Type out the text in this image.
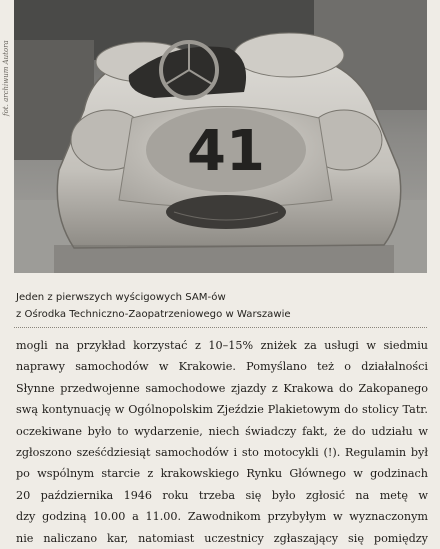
41
fot. archiwum Autora
Jeden z pierwszych wyścigowych SAM-ów
z Ośrodka Techniczno-Zaopatrzeniowego w Warszawie
mogli na przykład korzystać z 10–15% zniżek za usługi w siedmiu
naprawy samochodów w Krakowie. Pomyślano też o działalności
Słynne przedwojenne samochodowe zjazdy z Krakowa do Zakopanego
swą kontynuację w Ogólnopolskim Zjeździe Plakietowym do stolicy Tatr.
oczekiwane było to wydarzenie, niech świadczy fakt, że do udziału w
zgłoszono sześćdziesiąt samochodów i sto motocykli (!). Regulamin był
po wspólnym starcie z krakowskiego Rynku Głównego w godzinach
20 października 1946 roku trzeba się było zgłosić na metę w
dzy godziną 10.00 a 11.00. Zawodnikom przybyłym w wyznaczonym
nie naliczano kar, natomiast uczestnicy zgłaszający się pomiędzy
